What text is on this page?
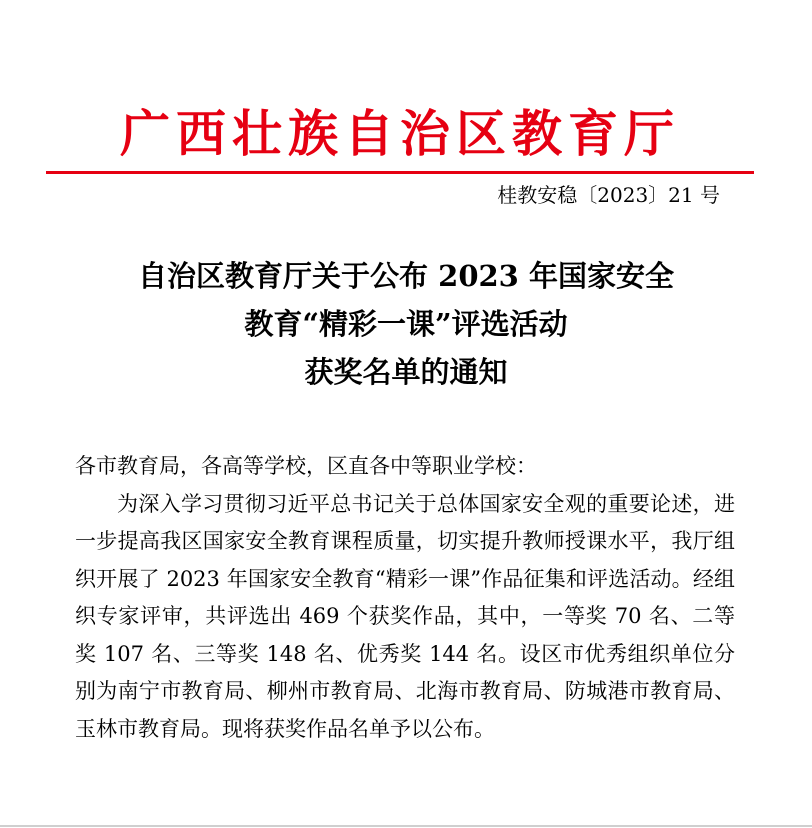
广西壮族自治区教育厅
桂教安稳〔2023〕21 号
自治区教育厅关于公布 2023 年国家安全
教育“精彩一课”评选活动
获奖名单的通知
各市教育局，各高等学校，区直各中等职业学校：

为深入学习贯彻习近平总书记关于总体国家安全观的重要论述，进一步提高我区国家安全教育课程质量，切实提升教师授课水平，我厅组织开展了 2023 年国家安全教育“精彩一课”作品征集和评选活动。经组织专家评审，共评选出 469 个获奖作品，其中，一等奖 70 名、二等奖 107 名、三等奖 148 名、优秀奖 144 名。设区市优秀组织单位分别为南宁市教育局、柳州市教育局、北海市教育局、防城港市教育局、玉林市教育局。现将获奖作品名单予以公布。
